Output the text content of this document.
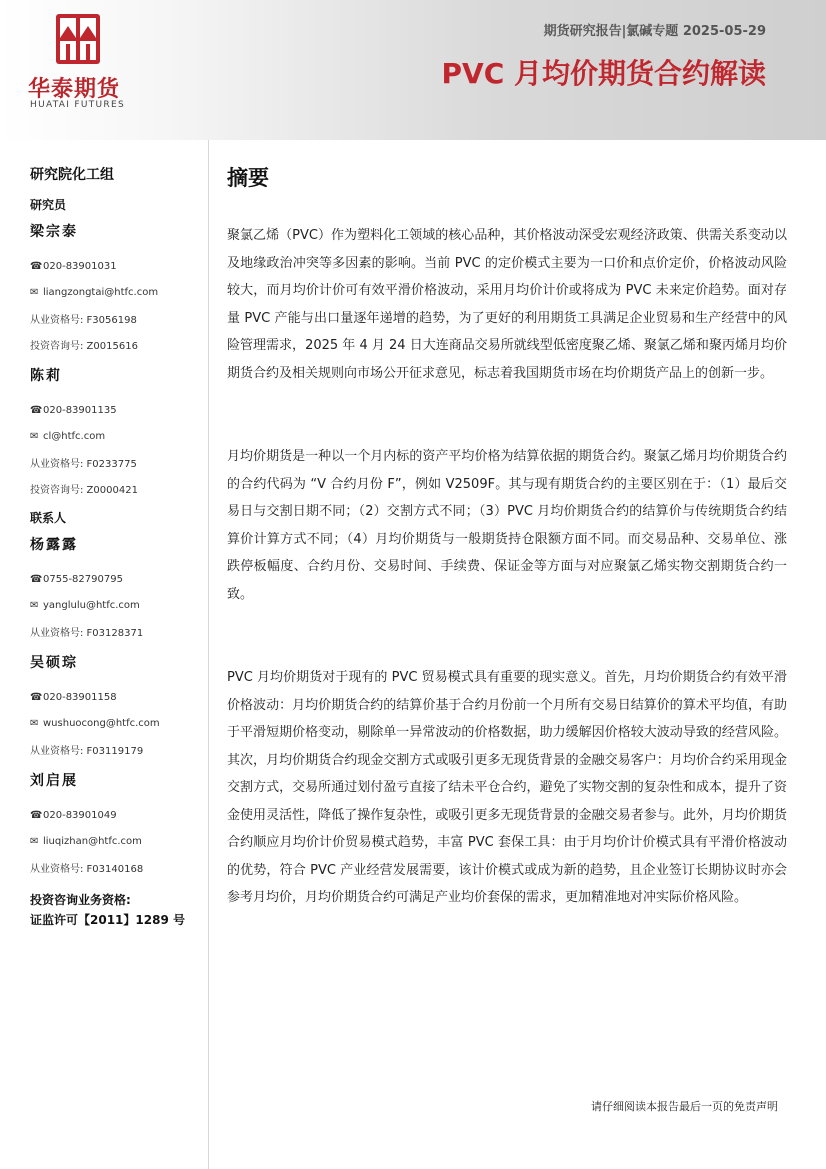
华泰期货
HUATAI FUTURES
期货研究报告|氯碱专题 2025-05-29
PVC 月均价期货合约解读
研究院化工组
研究员
梁宗泰
☎ 020-83901031
✉ liangzongtai@htfc.com
从业资格号: F3056198
投资咨询号: Z0015616
陈莉
☎ 020-83901135
✉ cl@htfc.com
从业资格号: F0233775
投资咨询号: Z0000421
联系人
杨露露
☎ 0755-82790795
✉ yanglulu@htfc.com
从业资格号: F03128371
吴硕琮
☎ 020-83901158
✉ wushuocong@htfc.com
从业资格号: F03119179
刘启展
☎ 020-83901049
✉ liuqizhan@htfc.com
从业资格号: F03140168
投资咨询业务资格:
证监许可【2011】1289 号
摘要

聚氯乙烯（PVC）作为塑料化工领域的核心品种，其价格波动深受宏观经济政策、供需关系变动以及地缘政治冲突等多因素的影响。当前 PVC 的定价模式主要为一口价和点价定价，价格波动风险较大，而月均价计价可有效平滑价格波动，采用月均价计价或将成为 PVC 未来定价趋势。面对存量 PVC 产能与出口量逐年递增的趋势，为了更好的利用期货工具满足企业贸易和生产经营中的风险管理需求，2025 年 4 月 24 日大连商品交易所就线型低密度聚乙烯、聚氯乙烯和聚丙烯月均价期货合约及相关规则向市场公开征求意见，标志着我国期货市场在均价期货产品上的创新一步。

月均价期货是一种以一个月内标的资产平均价格为结算依据的期货合约。聚氯乙烯月均价期货合约的合约代码为 “V 合约月份 F”，例如 V2509F。其与现有期货合约的主要区别在于：（1）最后交易日与交割日期不同；（2）交割方式不同；（3）PVC 月均价期货合约的结算价与传统期货合约结算价计算方式不同；（4）月均价期货与一般期货持仓限额方面不同。而交易品种、交易单位、涨跌停板幅度、合约月份、交易时间、手续费、保证金等方面与对应聚氯乙烯实物交割期货合约一致。

PVC 月均价期货对于现有的 PVC 贸易模式具有重要的现实意义。首先，月均价期货合约有效平滑价格波动：月均价期货合约的结算价基于合约月份前一个月所有交易日结算价的算术平均值，有助于平滑短期价格变动，剔除单一异常波动的价格数据，助力缓解因价格较大波动导致的经营风险。其次，月均价期货合约现金交割方式或吸引更多无现货背景的金融交易客户：月均价合约采用现金交割方式，交易所通过划付盈亏直接了结未平仓合约，避免了实物交割的复杂性和成本，提升了资金使用灵活性，降低了操作复杂性，或吸引更多无现货背景的金融交易者参与。此外，月均价期货合约顺应月均价计价贸易模式趋势，丰富 PVC 套保工具：由于月均价计价模式具有平滑价格波动的优势，符合 PVC 产业经营发展需要，该计价模式或成为新的趋势，且企业签订长期协议时亦会参考月均价，月均价期货合约可满足产业均价套保的需求，更加精准地对冲实际价格风险。

请仔细阅读本报告最后一页的免责声明
